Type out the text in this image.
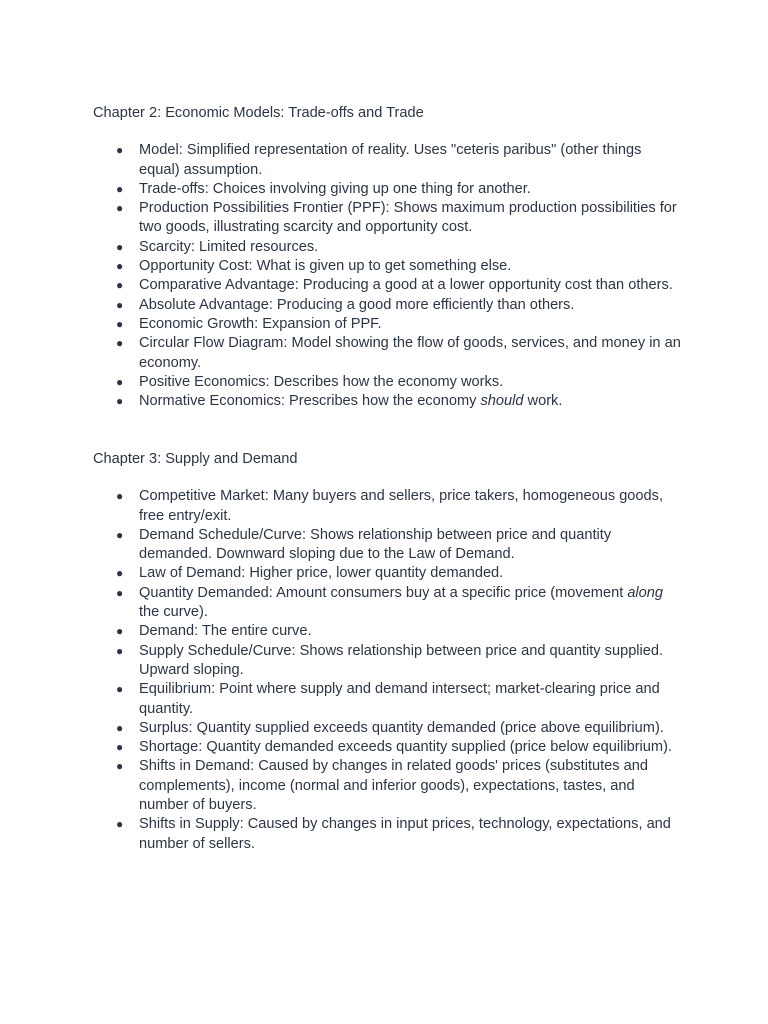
Chapter 2: Economic Models: Trade-offs and Trade
● Model: Simplified representation of reality. Uses "ceteris paribus" (other things equal) assumption.
● Trade-offs: Choices involving giving up one thing for another.
● Production Possibilities Frontier (PPF): Shows maximum production possibilities for two goods, illustrating scarcity and opportunity cost.
● Scarcity: Limited resources.
● Opportunity Cost: What is given up to get something else.
● Comparative Advantage: Producing a good at a lower opportunity cost than others.
● Absolute Advantage: Producing a good more efficiently than others.
● Economic Growth: Expansion of PPF.
● Circular Flow Diagram: Model showing the flow of goods, services, and money in an economy.
● Positive Economics: Describes how the economy works.
● Normative Economics: Prescribes how the economy should work.
Chapter 3: Supply and Demand
● Competitive Market: Many buyers and sellers, price takers, homogeneous goods, free entry/exit.
● Demand Schedule/Curve: Shows relationship between price and quantity demanded. Downward sloping due to the Law of Demand.
● Law of Demand: Higher price, lower quantity demanded.
● Quantity Demanded: Amount consumers buy at a specific price (movement along the curve).
● Demand: The entire curve.
● Supply Schedule/Curve: Shows relationship between price and quantity supplied. Upward sloping.
● Equilibrium: Point where supply and demand intersect; market-clearing price and quantity.
● Surplus: Quantity supplied exceeds quantity demanded (price above equilibrium).
● Shortage: Quantity demanded exceeds quantity supplied (price below equilibrium).
● Shifts in Demand: Caused by changes in related goods' prices (substitutes and complements), income (normal and inferior goods), expectations, tastes, and number of buyers.
● Shifts in Supply: Caused by changes in input prices, technology, expectations, and number of sellers.
